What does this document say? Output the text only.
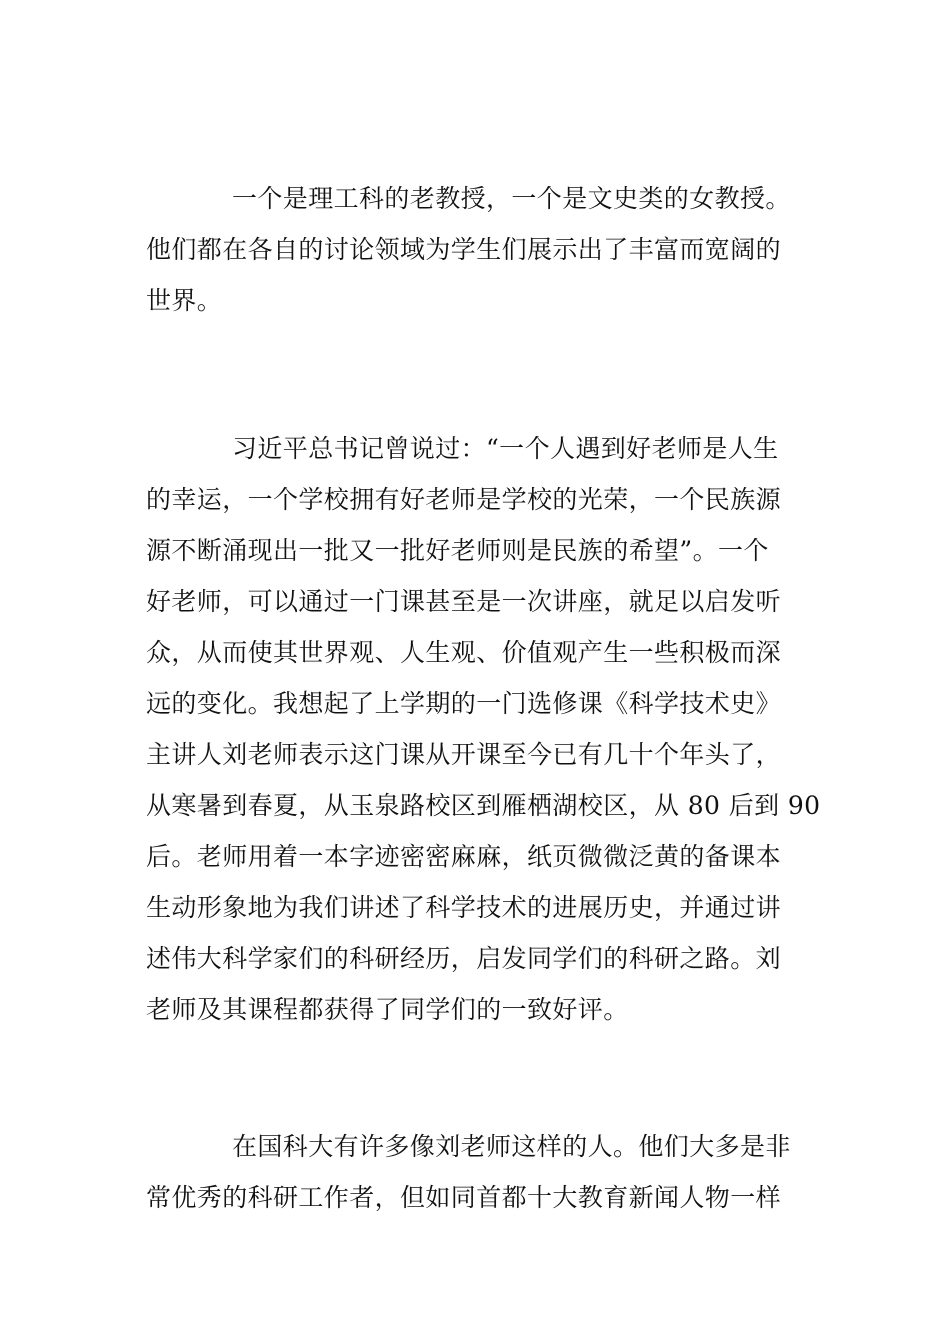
一个是理工科的老教授，一个是文史类的女教授。
他们都在各自的讨论领域为学生们展示出了丰富而宽阔的
世界。
习近平总书记曾说过：“一个人遇到好老师是人生
的幸运，一个学校拥有好老师是学校的光荣，一个民族源
源不断涌现出一批又一批好老师则是民族的希望”。一个
好老师，可以通过一门课甚至是一次讲座，就足以启发听
众，从而使其世界观、人生观、价值观产生一些积极而深
远的变化。我想起了上学期的一门选修课《科学技术史》
主讲人刘老师表示这门课从开课至今已有几十个年头了，
从寒暑到春夏，从玉泉路校区到雁栖湖校区，从 80 后到 90
后。老师用着一本字迹密密麻麻，纸页微微泛黄的备课本
生动形象地为我们讲述了科学技术的进展历史，并通过讲
述伟大科学家们的科研经历，启发同学们的科研之路。刘
老师及其课程都获得了同学们的一致好评。
在国科大有许多像刘老师这样的人。他们大多是非
常优秀的科研工作者，但如同首都十大教育新闻人物一样
